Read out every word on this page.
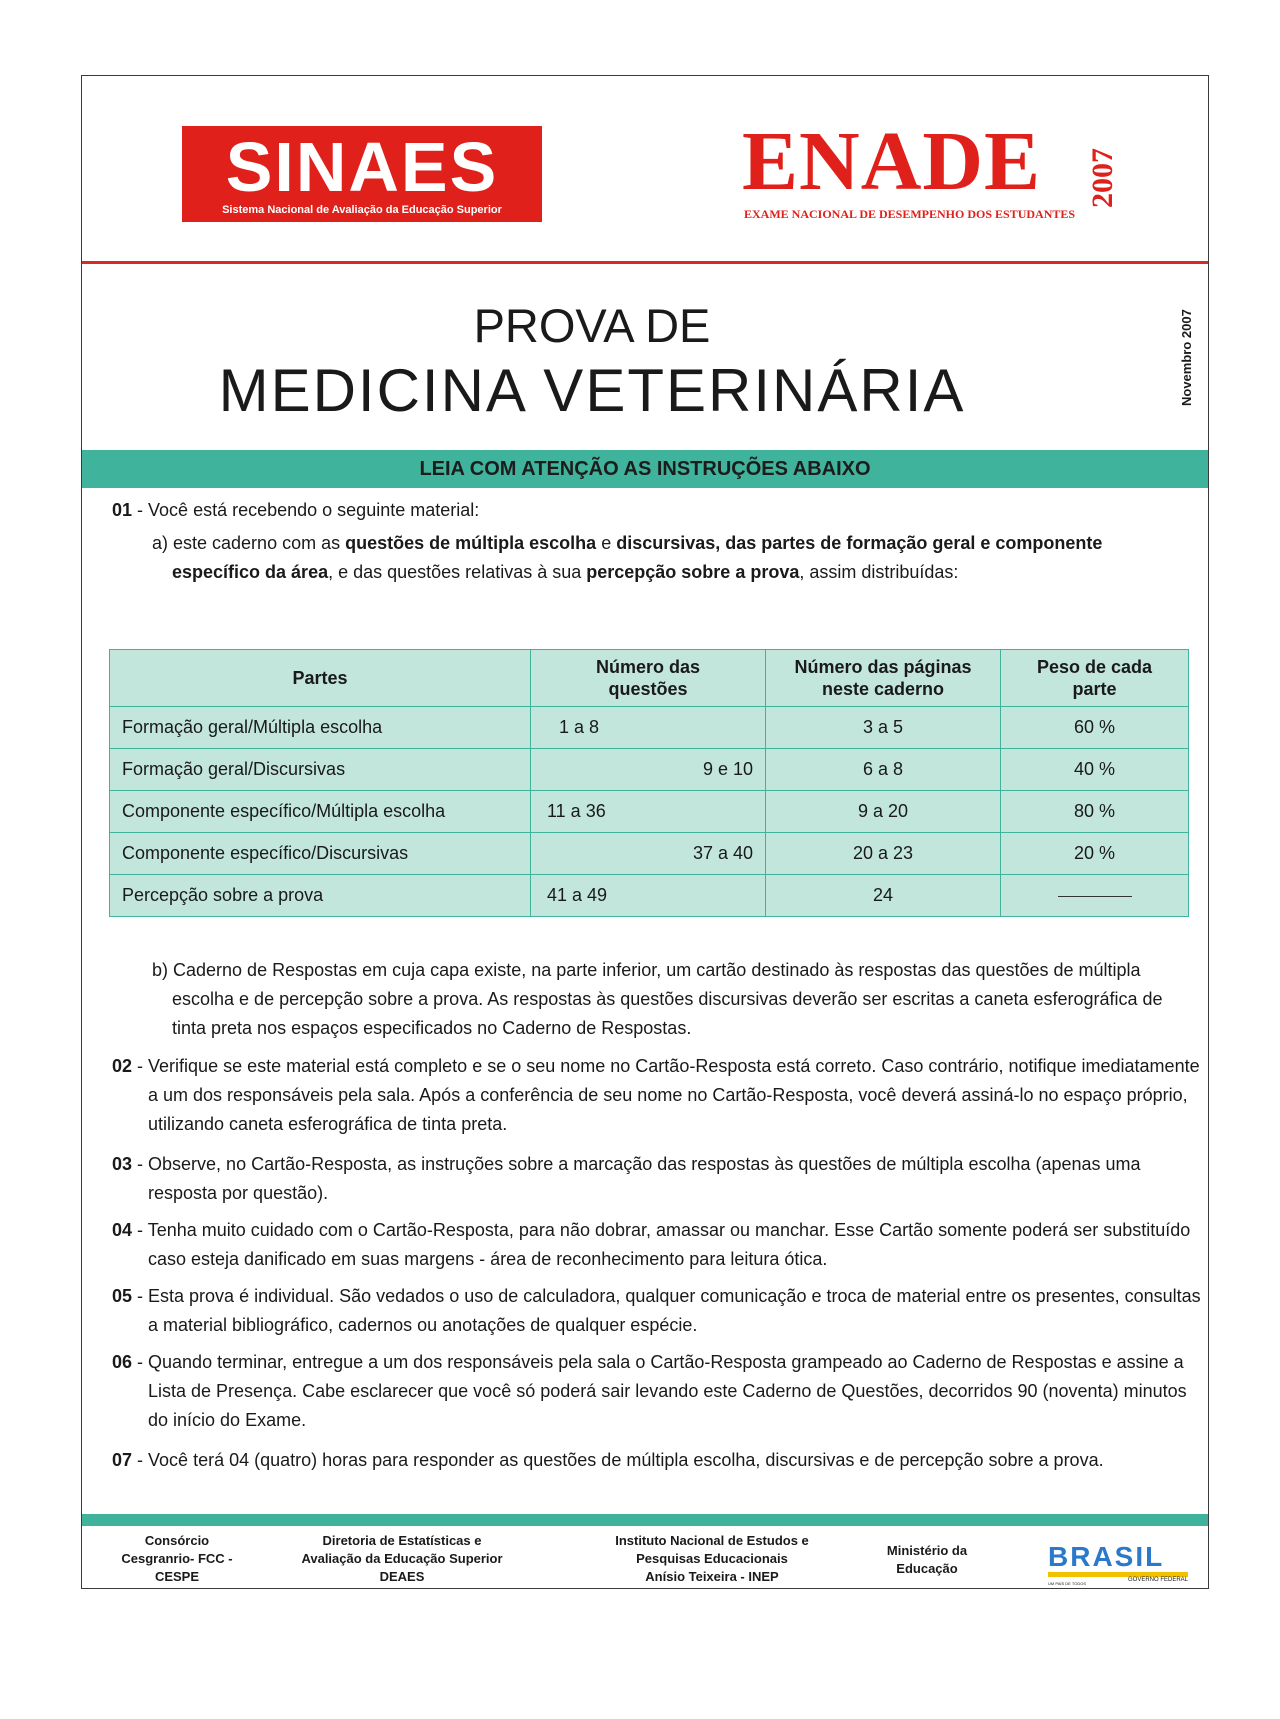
SINAES
Sistema Nacional de Avaliação da Educação Superior
ENADE 2007
EXAME NACIONAL DE DESEMPENHO DOS ESTUDANTES
PROVA DE
MEDICINA VETERINÁRIA	Novembro 2007
LEIA COM ATENÇÃO AS INSTRUÇÕES ABAIXO
01 - Você está recebendo o seguinte material:
a) este caderno com as questões de múltipla escolha e discursivas, das partes de formação geral e componente específico da área, e das questões relativas à sua percepção sobre a prova, assim distribuídas:
Partes	Número das questões	Número das páginas neste caderno	Peso de cada parte
Formação geral/Múltipla escolha	1 a 8	3 a 5	60 %
Formação geral/Discursivas	9 e 10	6 a 8	40 %
Componente específico/Múltipla escolha	11 a 36	9 a 20	80 %
Componente específico/Discursivas	37 a 40	20 a 23	20 %
Percepção sobre a prova	41 a 49	24	
b) Caderno de Respostas em cuja capa existe, na parte inferior, um cartão destinado às respostas das questões de múltipla escolha e de percepção sobre a prova. As respostas às questões discursivas deverão ser escritas a caneta esferográfica de tinta preta nos espaços especificados no Caderno de Respostas.
02 - Verifique se este material está completo e se o seu nome no Cartão-Resposta está correto. Caso contrário, notifique imediatamente a um dos responsáveis pela sala. Após a conferência de seu nome no Cartão-Resposta, você deverá assiná-lo no espaço próprio, utilizando caneta esferográfica de tinta preta.
03 - Observe, no Cartão-Resposta, as instruções sobre a marcação das respostas às questões de múltipla escolha (apenas uma resposta por questão).
04 - Tenha muito cuidado com o Cartão-Resposta, para não dobrar, amassar ou manchar. Esse Cartão somente poderá ser substituído caso esteja danificado em suas margens - área de reconhecimento para leitura ótica.
05 - Esta prova é individual. São vedados o uso de calculadora, qualquer comunicação e troca de material entre os presentes, consultas a material bibliográfico, cadernos ou anotações de qualquer espécie.
06 - Quando terminar, entregue a um dos responsáveis pela sala o Cartão-Resposta grampeado ao Caderno de Respostas e assine a Lista de Presença. Cabe esclarecer que você só poderá sair levando este Caderno de Questões, decorridos 90 (noventa) minutos do início do Exame.
07 - Você terá 04 (quatro) horas para responder as questões de múltipla escolha, discursivas e de percepção sobre a prova.
Consórcio
Cesgranrio- FCC -
CESPE
Diretoria de Estatísticas e
Avaliação da Educação Superior
DEAES
Instituto Nacional de Estudos e
Pesquisas Educacionais
Anísio Teixeira - INEP
Ministério da
Educação	BRASIL
UM PAÍS DE TODOS
GOVERNO FEDERAL
